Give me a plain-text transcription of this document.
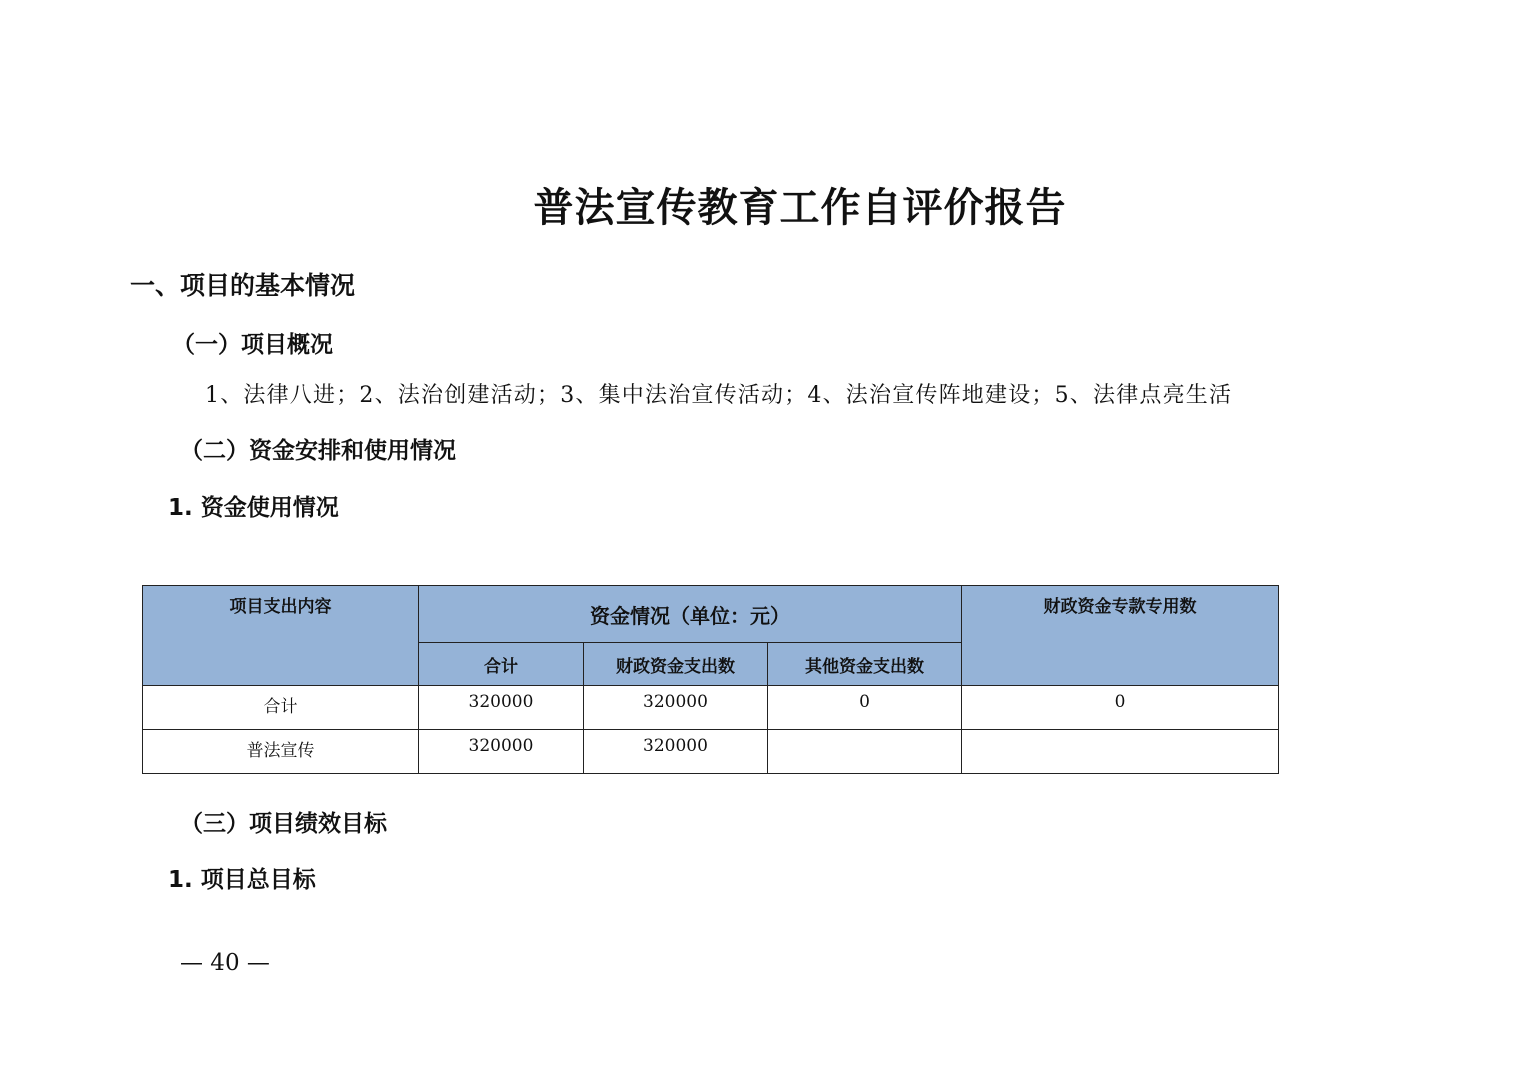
普法宣传教育工作自评价报告
一、项目的基本情况
（一）项目概况
1、法律八进；2、法治创建活动；3、集中法治宣传活动；4、法治宣传阵地建设；5、法律点亮生活
（二）资金安排和使用情况
1. 资金使用情况
项目支出内容	资金情况（单位：元）			财政资金专款专用数
	合计	财政资金支出数	其他资金支出数	
合计	320000	320000	0	0
普法宣传	320000	320000		
（三）项目绩效目标
1. 项目总目标
— 40 —
